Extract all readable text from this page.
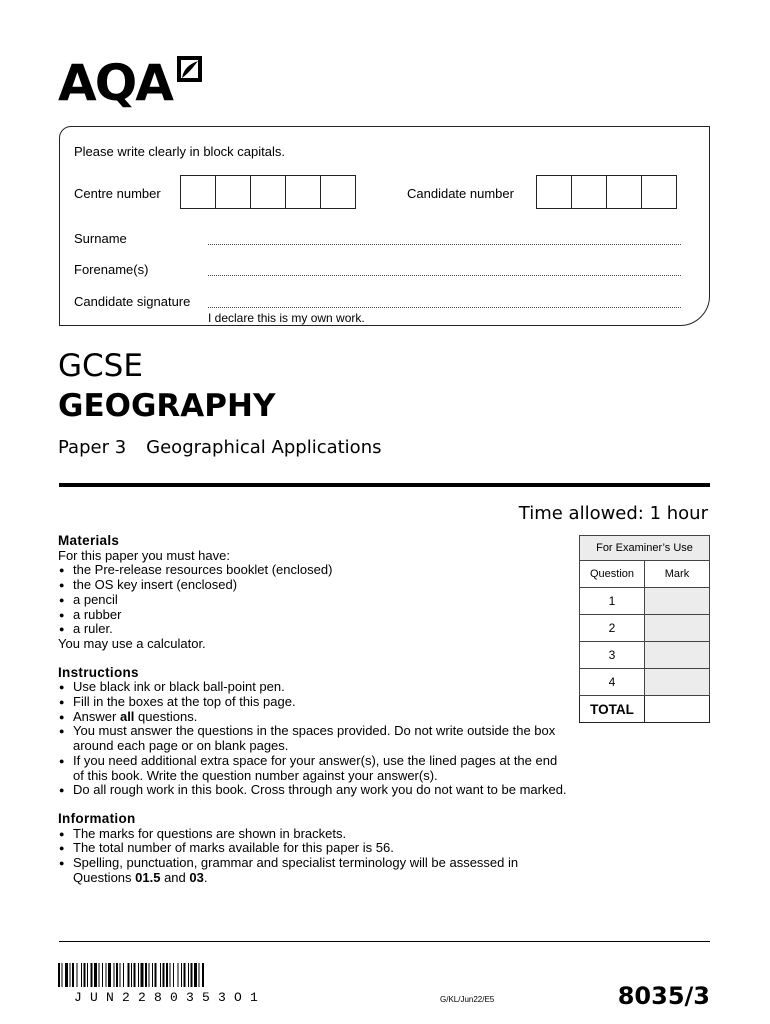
AQA
Please write clearly in block capitals.
Centre number	Candidate number
Surname
Forename(s)
Candidate signature
I declare this is my own work.
GCSE
GEOGRAPHY
Paper 3 Geographical Applications
Time allowed: 1 hour
Materials

For this paper you must have:

● the Pre-release resources booklet (enclosed)
● the OS key insert (enclosed)
● a pencil
● a rubber
● a ruler.

You may use a calculator.

Instructions
● Use black ink or black ball-point pen.
● Fill in the boxes at the top of this page.
● Answer all questions.
● You must answer the questions in the spaces provided. Do not write outside the box around each page or on blank pages.
● If you need additional extra space for your answer(s), use the lined pages at the end of this book. Write the question number against your answer(s).
● Do all rough work in this book. Cross through any work you do not want to be marked.
Information
● The marks for questions are shown in brackets.
● The total number of marks available for this paper is 56.
● Spelling, punctuation, grammar and specialist terminology will be assessed in Questions 01.5 and 03.
For Examiner’s Use	
Question	Mark
1	
2	
3	
4	
TOTAL	
JUN2280353O1	G/KL/Jun22/E5	8035/3
